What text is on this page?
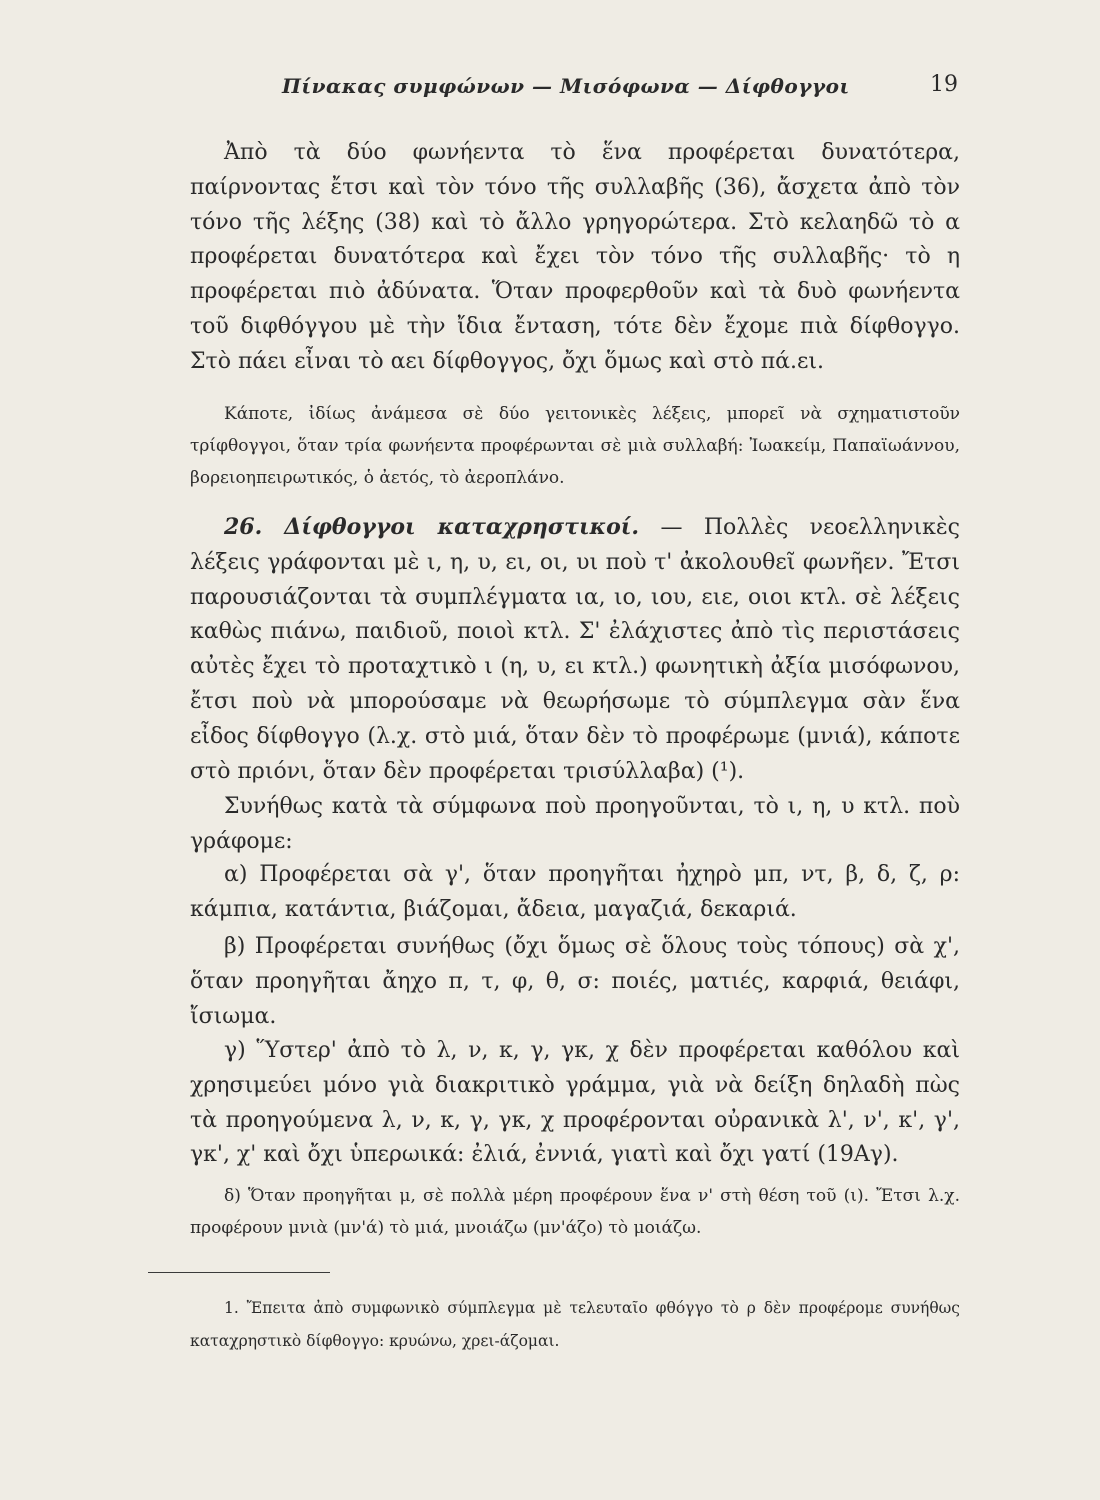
Πίνακας συμφώνων — Μισόφωνα — Δίφθογγοι	19

Ἀπὸ τὰ δύο φωνήεντα τὸ ἕνα προφέρεται δυνατότερα, παίρνοντας ἔτσι καὶ τὸν τόνο τῆς συλλαβῆς (36), ἄσχετα ἀπὸ τὸν τόνο τῆς λέξης (38) καὶ τὸ ἄλλο γρηγορώτερα. Στὸ κελαηδῶ τὸ α προφέρεται δυνατότερα καὶ ἔχει τὸν τόνο τῆς συλλαβῆς· τὸ η προφέρεται πιὸ ἀδύνατα. Ὅταν προφερθοῦν καὶ τὰ δυὸ φωνήεντα τοῦ διφθόγγου μὲ τὴν ἴδια ἔνταση, τότε δὲν ἔχομε πιὰ δίφθογγο. Στὸ πάει εἶναι τὸ αει δίφθογγος, ὄχι ὅμως καὶ στὸ πά.ει.

Κάποτε, ἰδίως ἀνάμεσα σὲ δύο γειτονικὲς λέξεις, μπορεῖ νὰ σχηματιστοῦν τρίφθογγοι, ὅταν τρία φωνήεντα προφέρωνται σὲ μιὰ συλλαβή: Ἰωακείμ, Παπαϊωάννου, βορειοηπειρωτικός, ὁ ἀετός, τὸ ἀεροπλάνο.

26. Δίφθογγοι καταχρηστικοί. — Πολλὲς νεοελληνικὲς λέξεις γράφονται μὲ ι, η, υ, ει, οι, υι ποὺ τ' ἀκολουθεῖ φωνῆεν. Ἔτσι παρουσιάζονται τὰ συμπλέγματα ια, ιο, ιου, ειε, οιοι κτλ. σὲ λέξεις καθὼς πιάνω, παιδιοῦ, ποιοὶ κτλ. Σ' ἐλάχιστες ἀπὸ τὶς περιστάσεις αὐτὲς ἔχει τὸ προταχτικὸ ι (η, υ, ει κτλ.) φωνητικὴ ἀξία μισόφωνου, ἔτσι ποὺ νὰ μπορούσαμε νὰ θεωρήσωμε τὸ σύμπλεγμα σὰν ἕνα εἶδος δίφθογγο (λ.χ. στὸ μιά, ὅταν δὲν τὸ προφέρωμε (μνιά), κάποτε στὸ πριόνι, ὅταν δὲν προφέρεται τρισύλλαβα) (¹).

Συνήθως κατὰ τὰ σύμφωνα ποὺ προηγοῦνται, τὸ ι, η, υ κτλ. ποὺ γράφομε:

α) Προφέρεται σὰ γ', ὅταν προηγῆται ἠχηρὸ μπ, ντ, β, δ, ζ, ρ: κάμπια, κατάντια, βιάζομαι, ἄδεια, μαγαζιά, δεκαριά.

β) Προφέρεται συνήθως (ὄχι ὅμως σὲ ὅλους τοὺς τόπους) σὰ χ', ὅταν προηγῆται ἄηχο π, τ, φ, θ, σ: ποιές, ματιές, καρφιά, θειάφι, ἴσιωμα.

γ) Ὕστερ' ἀπὸ τὸ λ, ν, κ, γ, γκ, χ δὲν προφέρεται καθόλου καὶ χρησιμεύει μόνο γιὰ διακριτικὸ γράμμα, γιὰ νὰ δείξη δηλαδὴ πὼς τὰ προηγούμενα λ, ν, κ, γ, γκ, χ προφέρονται οὐρανικὰ λ', ν', κ', γ', γκ', χ' καὶ ὄχι ὑπερωικά: ἐλιά, ἐννιά, γιατὶ καὶ ὄχι γατί (19Αγ).

δ) Ὅταν προηγῆται μ, σὲ πολλὰ μέρη προφέρουν ἕνα ν' στὴ θέση τοῦ (ι). Ἔτσι λ.χ. προφέρουν μνιὰ (μν'ά) τὸ μιά, μνοιάζω (μν'άζο) τὸ μοιάζω.

1. Ἔπειτα ἀπὸ συμφωνικὸ σύμπλεγμα μὲ τελευταῖο φθόγγο τὸ ρ δὲν προφέρομε συνήθως καταχρηστικὸ δίφθογγο: κρυώνω, χρει-άζομαι.
